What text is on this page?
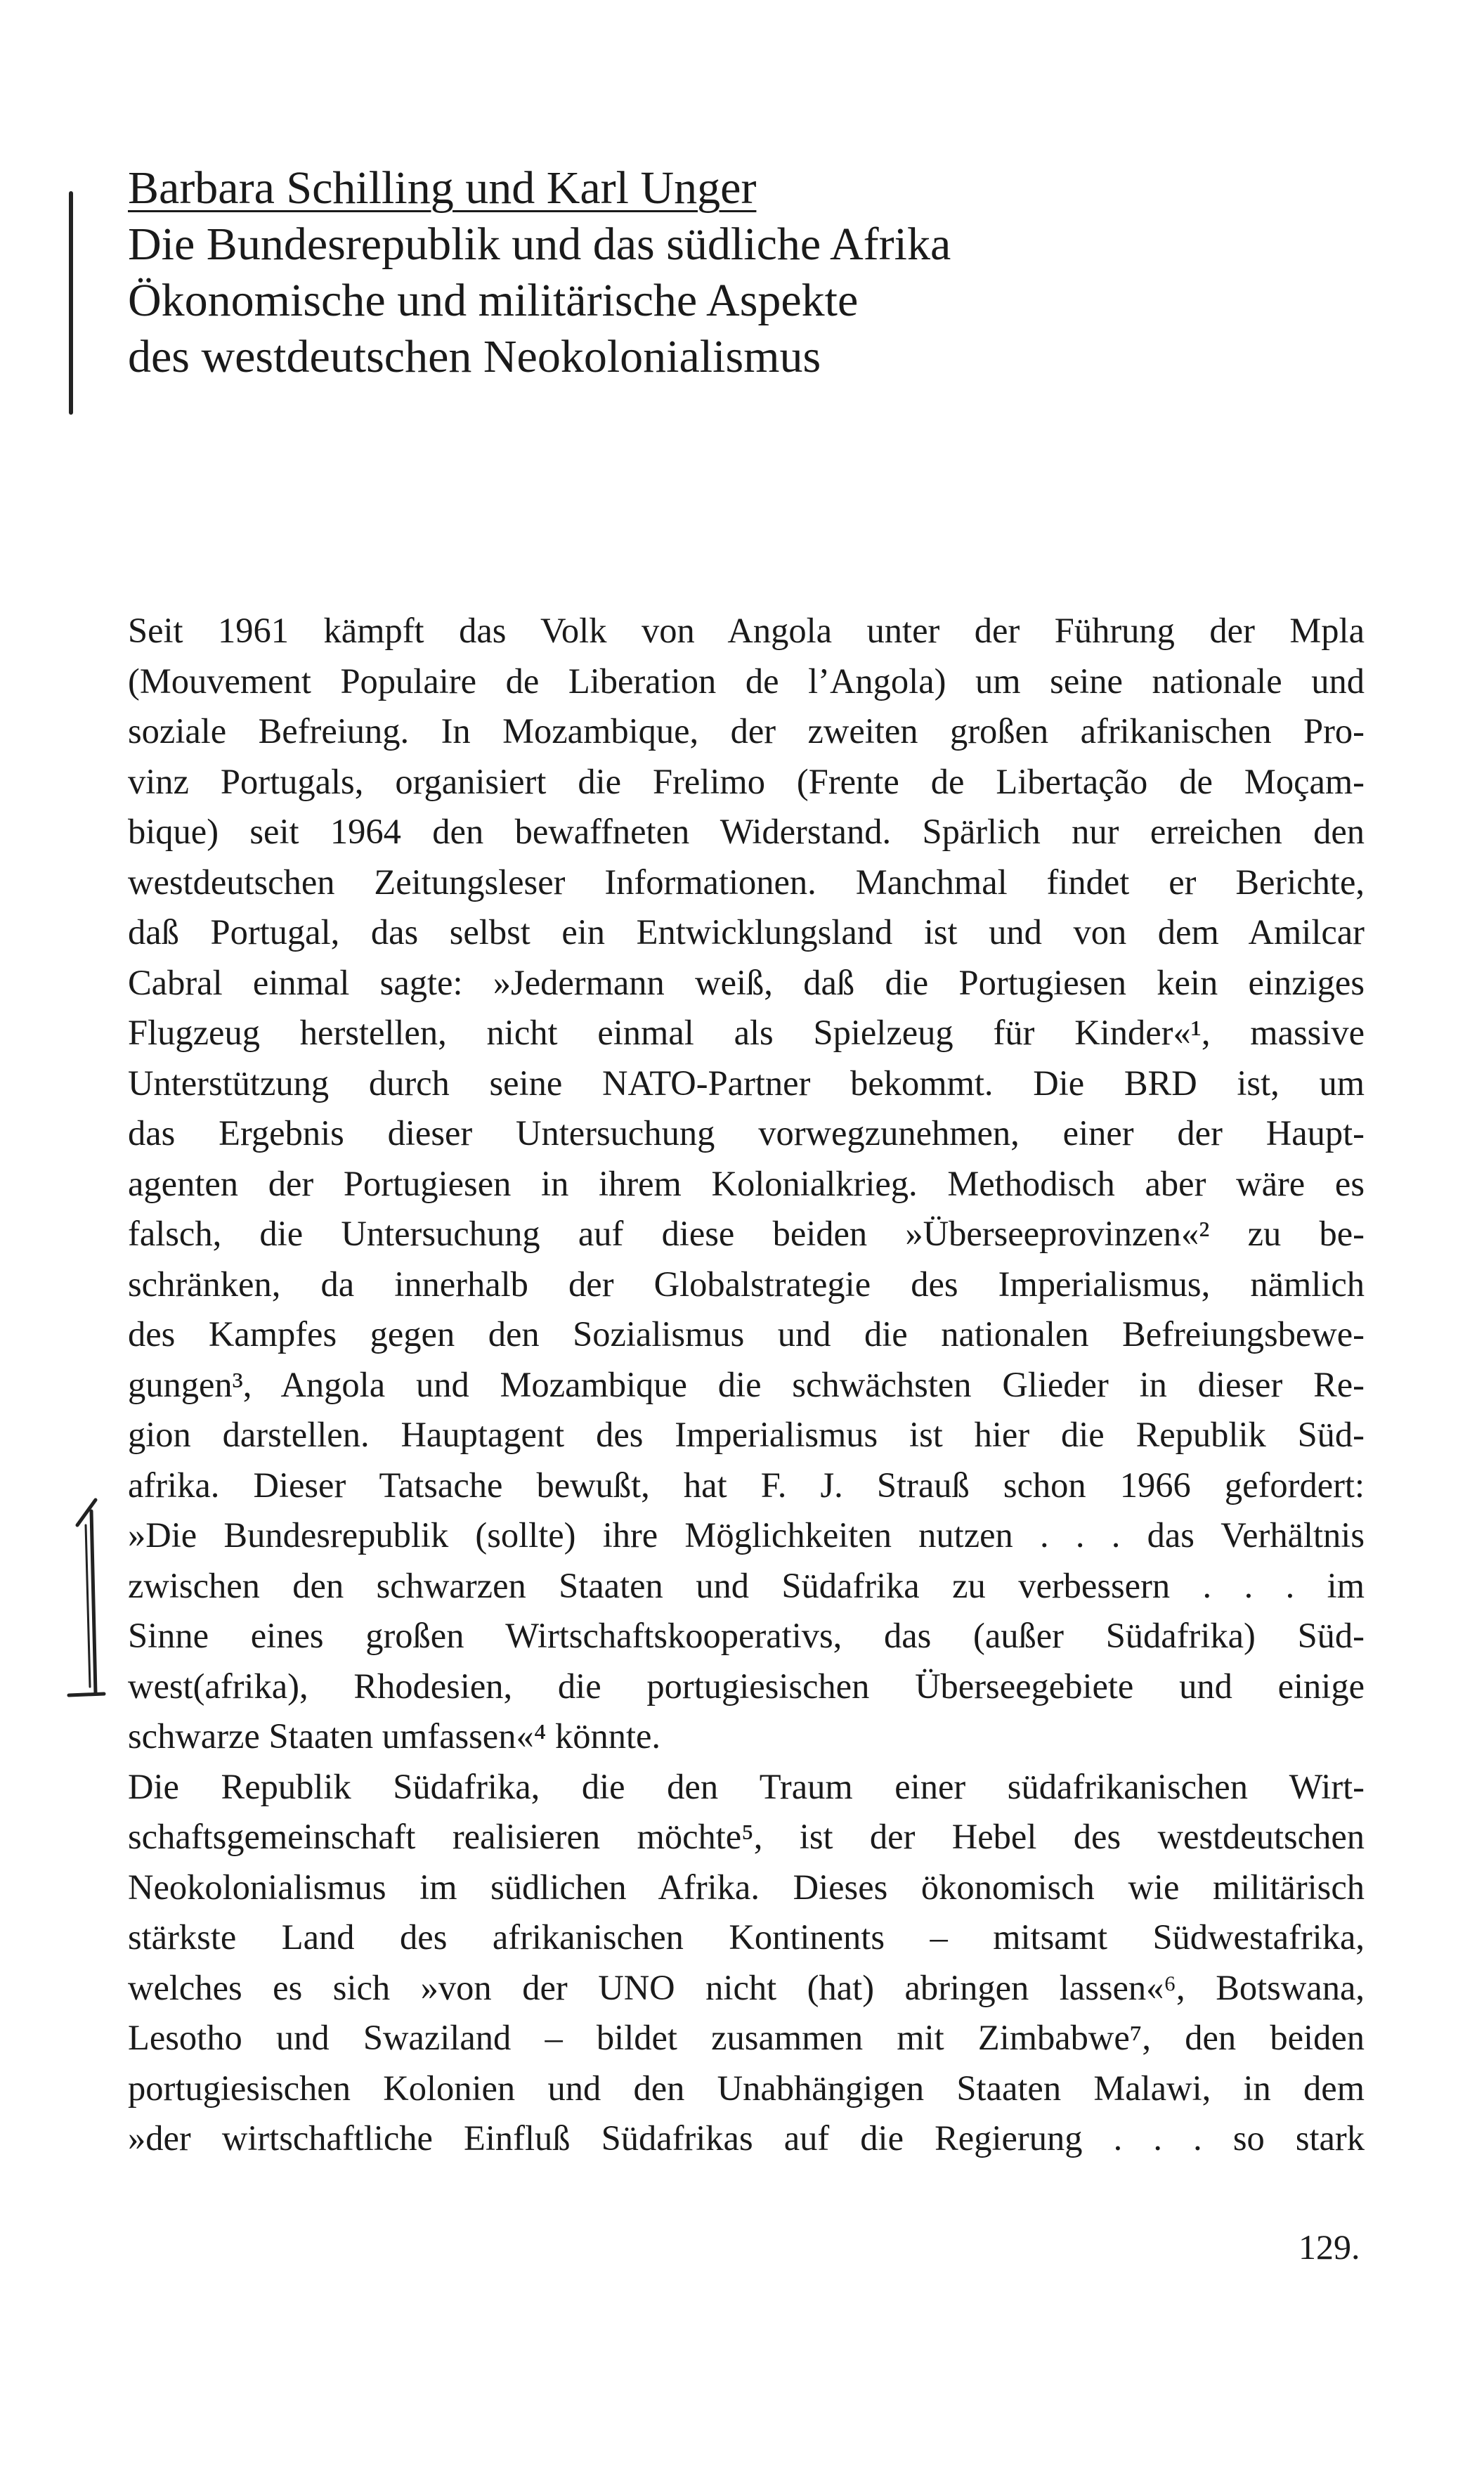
Barbara Schilling und Karl Unger
Die Bundesrepublik und das südliche Afrika
Ökonomische und militärische Aspekte
des westdeutschen Neokolonialismus
Seit 1961 kämpft das Volk von Angola unter der Führung der Mpla
(Mouvement Populaire de Liberation de l’Angola) um seine nationale und
soziale Befreiung. In Mozambique, der zweiten großen afrikanischen Pro-
vinz Portugals, organisiert die Frelimo (Frente de Libertação de Moçam-
bique) seit 1964 den bewaffneten Widerstand. Spärlich nur erreichen den
westdeutschen Zeitungsleser Informationen. Manchmal findet er Berichte,
daß Portugal, das selbst ein Entwicklungsland ist und von dem Amilcar
Cabral einmal sagte: »Jedermann weiß, daß die Portugiesen kein einziges
Flugzeug herstellen, nicht einmal als Spielzeug für Kinder«¹, massive
Unterstützung durch seine NATO-Partner bekommt. Die BRD ist, um
das Ergebnis dieser Untersuchung vorwegzunehmen, einer der Haupt-
agenten der Portugiesen in ihrem Kolonialkrieg. Methodisch aber wäre es
falsch, die Untersuchung auf diese beiden »Überseeprovinzen«² zu be-
schränken, da innerhalb der Globalstrategie des Imperialismus, nämlich
des Kampfes gegen den Sozialismus und die nationalen Befreiungsbewe-
gungen³, Angola und Mozambique die schwächsten Glieder in dieser Re-
gion darstellen. Hauptagent des Imperialismus ist hier die Republik Süd-
afrika. Dieser Tatsache bewußt, hat F. J. Strauß schon 1966 gefordert:
»Die Bundesrepublik (sollte) ihre Möglichkeiten nutzen . . . das Verhältnis
zwischen den schwarzen Staaten und Südafrika zu verbessern . . . im
Sinne eines großen Wirtschaftskooperativs, das (außer Südafrika) Süd-
west(afrika), Rhodesien, die portugiesischen Überseegebiete und einige
schwarze Staaten umfassen«⁴ könnte.
Die Republik Südafrika, die den Traum einer südafrikanischen Wirt-
schaftsgemeinschaft realisieren möchte⁵, ist der Hebel des westdeutschen
Neokolonialismus im südlichen Afrika. Dieses ökonomisch wie militärisch
stärkste Land des afrikanischen Kontinents – mitsamt Südwestafrika,
welches es sich »von der UNO nicht (hat) abringen lassen«⁶, Botswana,
Lesotho und Swaziland – bildet zusammen mit Zimbabwe⁷, den beiden
portugiesischen Kolonien und den Unabhängigen Staaten Malawi, in dem
»der wirtschaftliche Einfluß Südafrikas auf die Regierung . . . so stark
129.
